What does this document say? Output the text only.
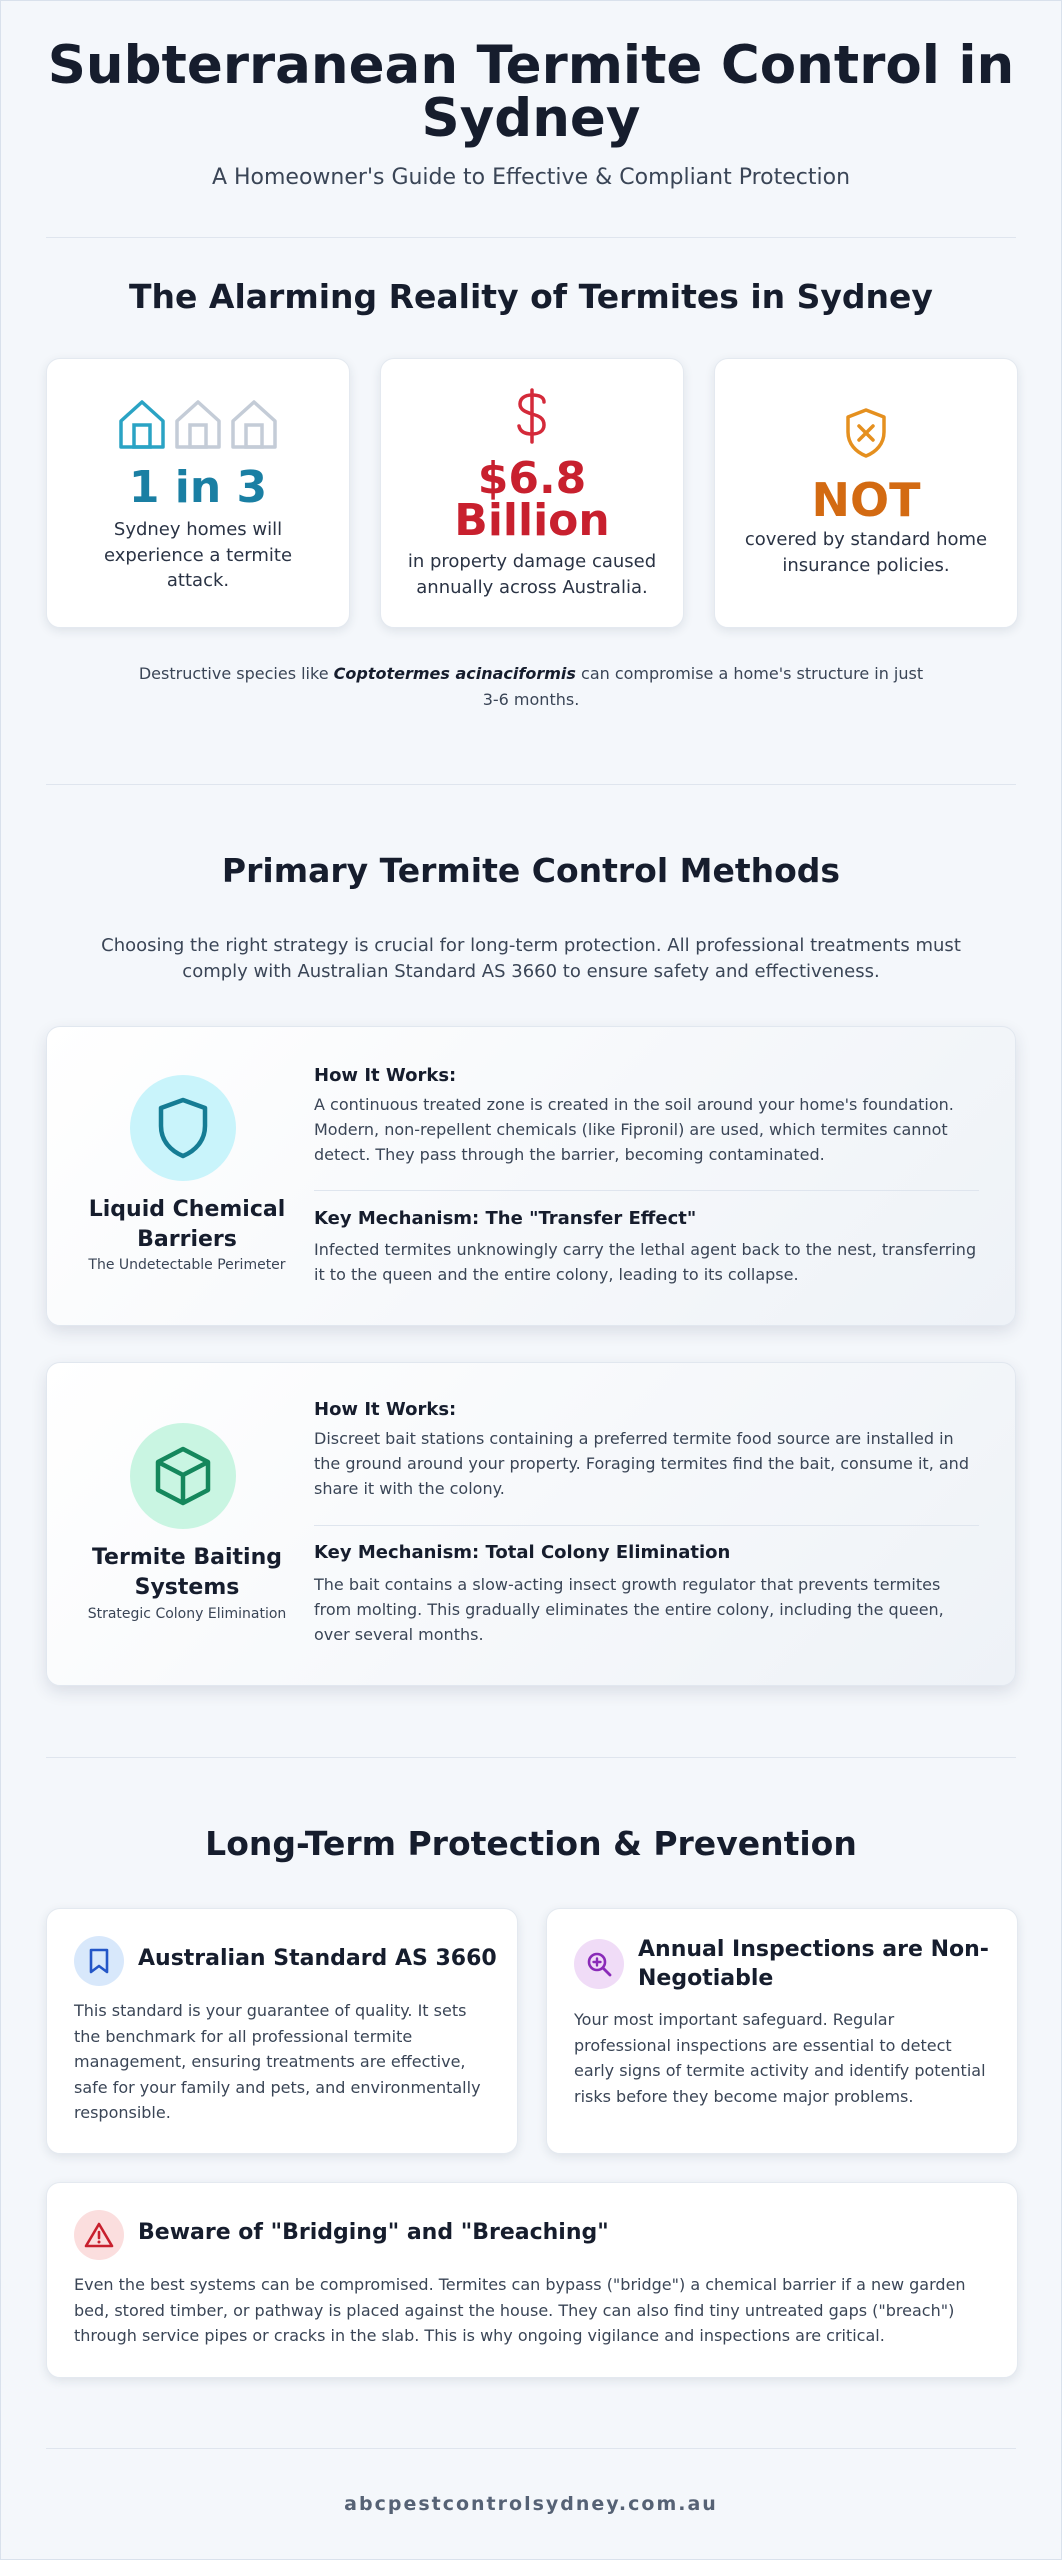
Subterranean Termite Control in Sydney
A Homeowner's Guide to Effective & Compliant Protection
The Alarming Reality of Termites in Sydney
1 in 3
Sydney homes will experience a termite attack.
$6.8
Billion
in property damage caused annually across Australia.
NOT
covered by standard home insurance policies.
Destructive species like Coptotermes acinaciformis can compromise a home's structure in just 3-6 months.
Primary Termite Control Methods
Choosing the right strategy is crucial for long-term protection. All professional treatments must comply with Australian Standard AS 3660 to ensure safety and effectiveness.
Liquid Chemical Barriers
The Undetectable Perimeter
How It Works:
A continuous treated zone is created in the soil around your home's foundation. Modern, non-repellent chemicals (like Fipronil) are used, which termites cannot detect. They pass through the barrier, becoming contaminated.
Key Mechanism: The "Transfer Effect"
Infected termites unknowingly carry the lethal agent back to the nest, transferring it to the queen and the entire colony, leading to its collapse.
Termite Baiting Systems
Strategic Colony Elimination
How It Works:
Discreet bait stations containing a preferred termite food source are installed in the ground around your property. Foraging termites find the bait, consume it, and share it with the colony.
Key Mechanism: Total Colony Elimination
The bait contains a slow-acting insect growth regulator that prevents termites from molting. This gradually eliminates the entire colony, including the queen, over several months.
Long-Term Protection & Prevention
Australian Standard AS 3660
This standard is your guarantee of quality. It sets the benchmark for all professional termite management, ensuring treatments are effective, safe for your family and pets, and environmentally responsible.
Annual Inspections are Non-Negotiable
Your most important safeguard. Regular professional inspections are essential to detect early signs of termite activity and identify potential risks before they become major problems.
Beware of "Bridging" and "Breaching"
Even the best systems can be compromised. Termites can bypass ("bridge") a chemical barrier if a new garden bed, stored timber, or pathway is placed against the house. They can also find tiny untreated gaps ("breach") through service pipes or cracks in the slab. This is why ongoing vigilance and inspections are critical.
abcpestcontrolsydney.com.au
